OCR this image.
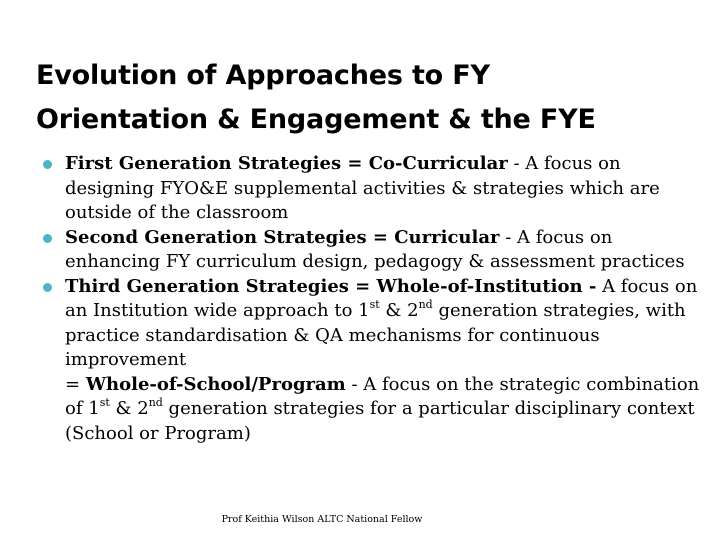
Evolution of Approaches to FY
Orientation & Engagement & the FYE
First Generation Strategies = Co-Curricular - A focus on designing FYO&E supplemental activities & strategies which are outside of the classroom
Second Generation Strategies = Curricular - A focus on enhancing FY curriculum design, pedagogy & assessment practices
Third Generation Strategies = Whole-of-Institution - A focus on an Institution wide approach to 1st & 2nd generation strategies, with practice standardisation & QA mechanisms for continuous improvement
= Whole-of-School/Program - A focus on the strategic combination of 1st & 2nd generation strategies for a particular disciplinary context (School or Program)
Prof Keithia Wilson ALTC National Fellow
